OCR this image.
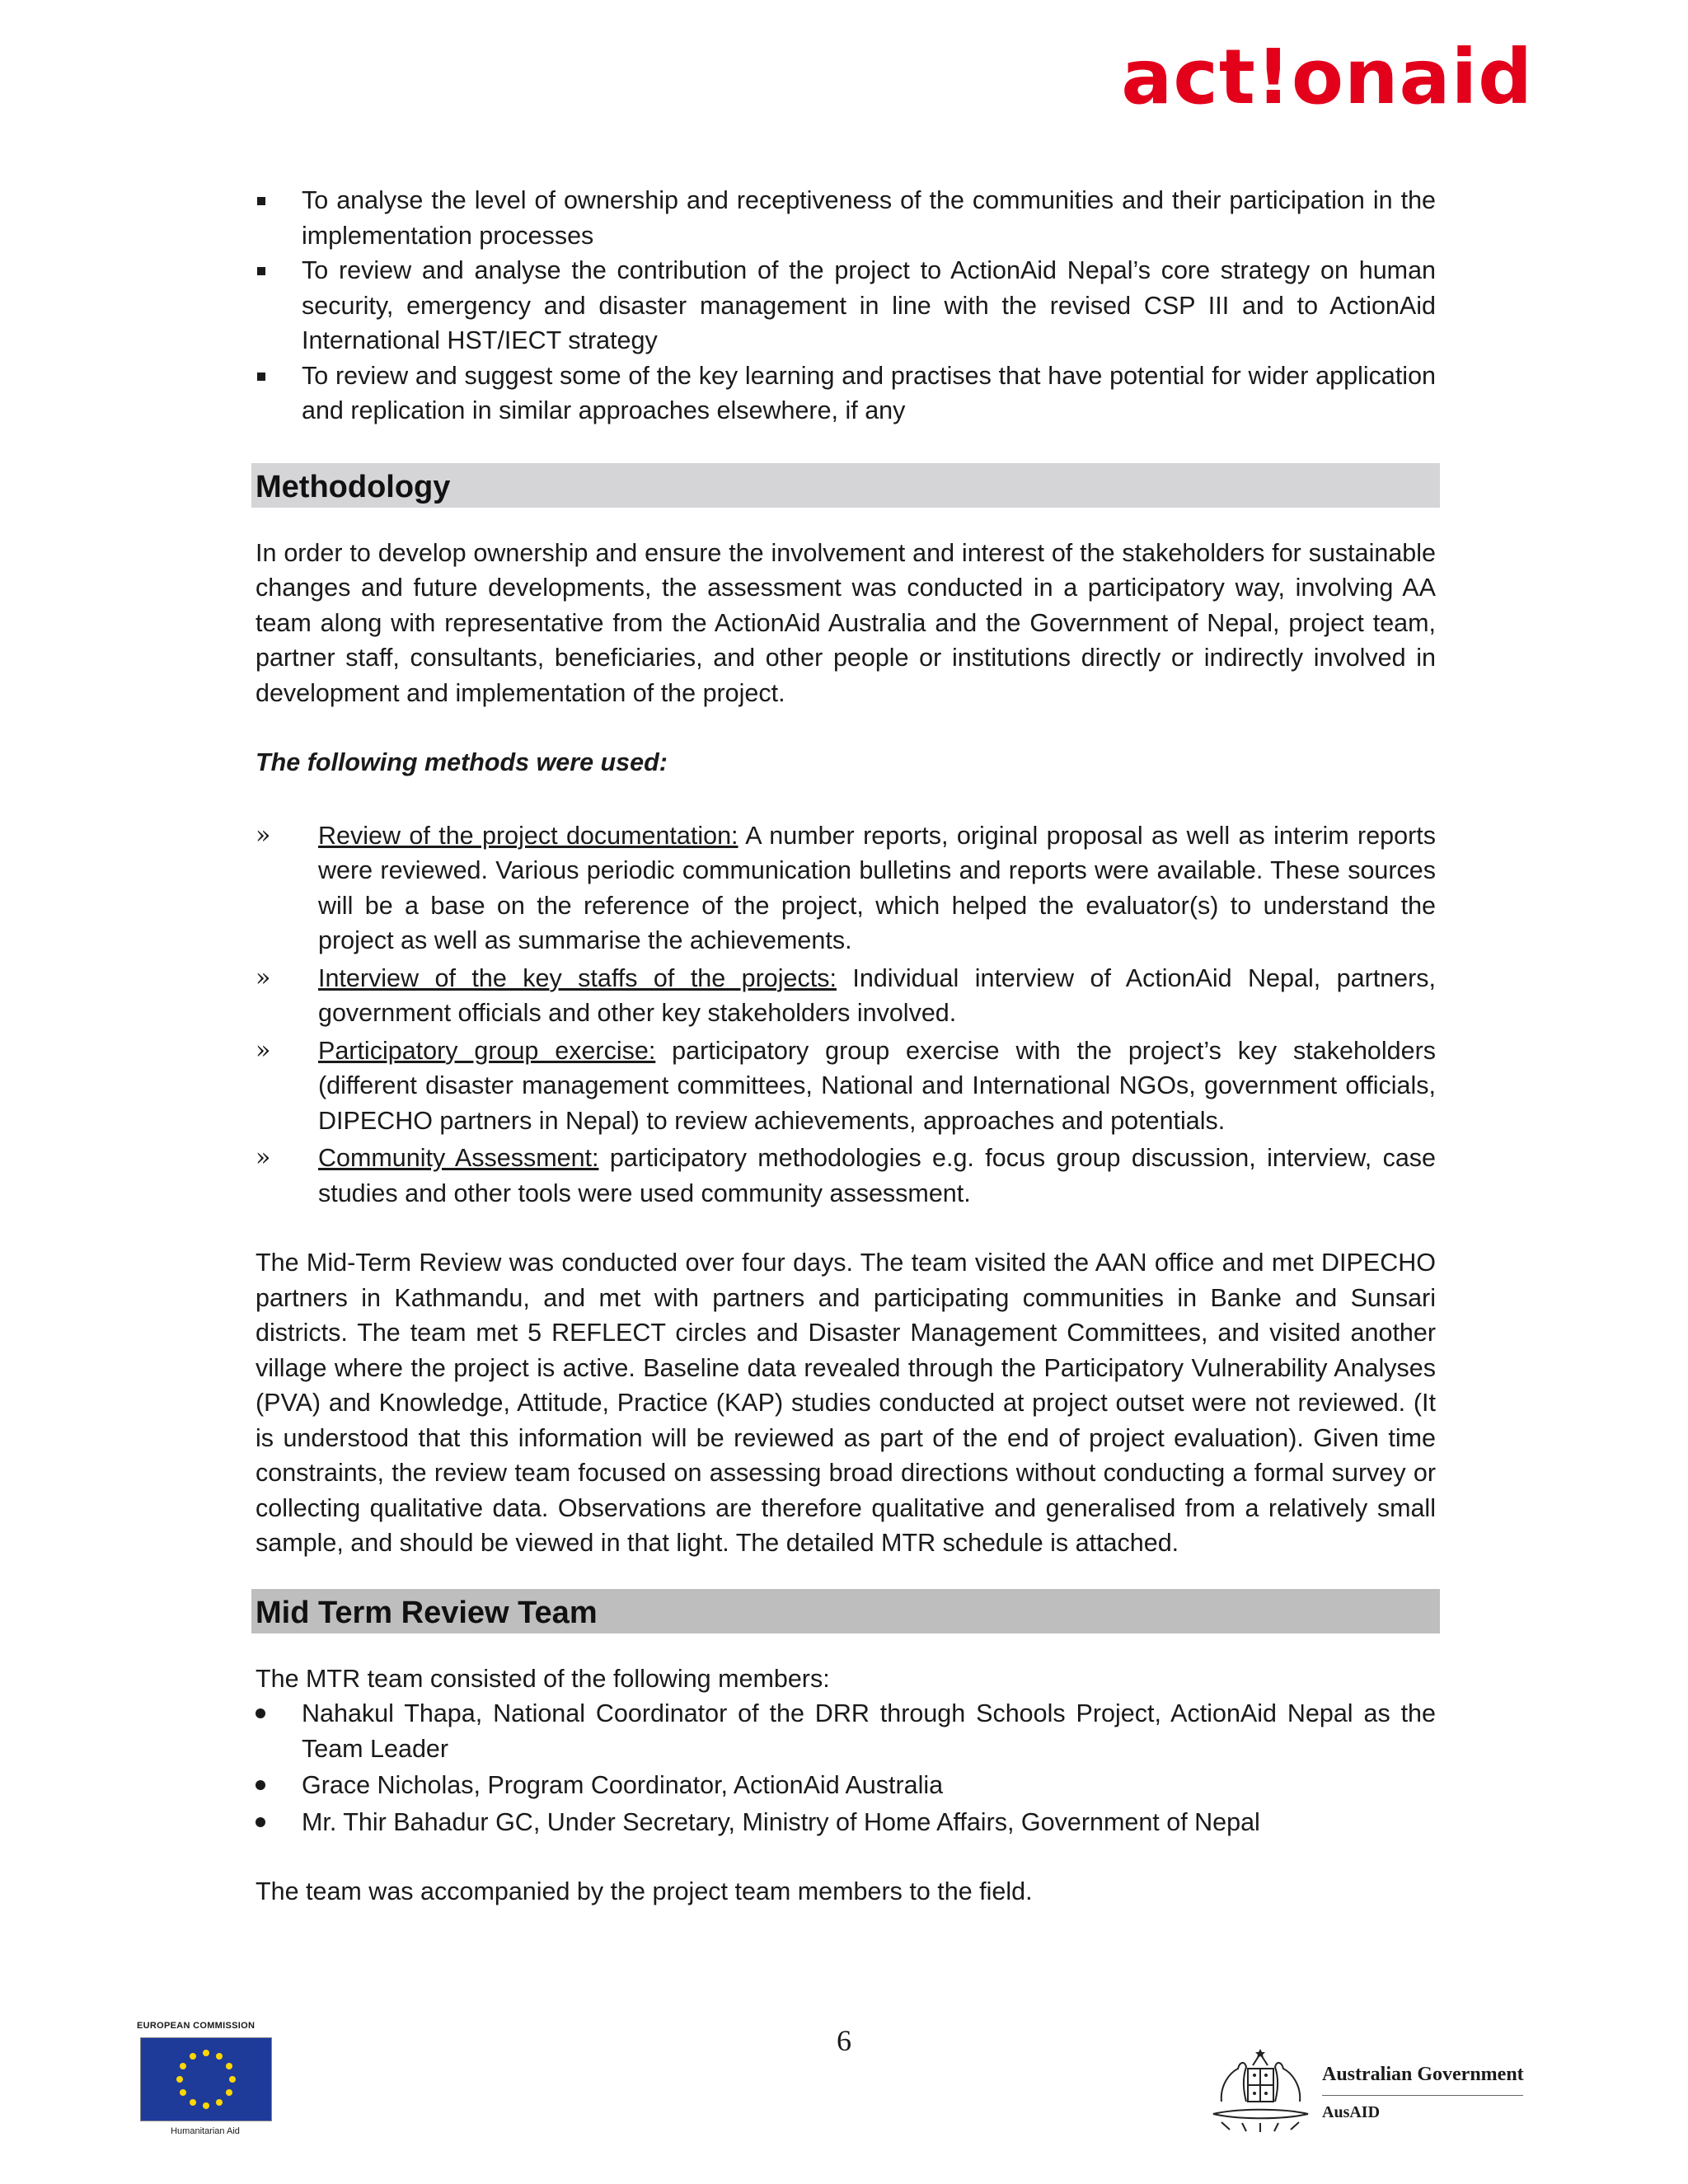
act!onaid
To analyse the level of ownership and receptiveness of the communities and their participation in the implementation processes
To review and analyse the contribution of the project to ActionAid Nepal’s core strategy on human security, emergency and disaster management in line with the revised CSP III and to ActionAid International HST/IECT strategy
To review and suggest some of the key learning and practises that have potential for wider application and replication in similar approaches elsewhere, if any
Methodology

In order to develop ownership and ensure the involvement and interest of the stakeholders for sustainable changes and future developments, the assessment was conducted in a participatory way, involving AA team along with representative from the ActionAid Australia and the Government of Nepal, project team, partner staff, consultants, beneficiaries, and other people or institutions directly or indirectly involved in development and implementation of the project.

The following methods were used:

» Review of the project documentation: A number reports, original proposal as well as interim reports were reviewed. Various periodic communication bulletins and reports were available. These sources will be a base on the reference of the project, which helped the evaluator(s) to understand the project as well as summarise the achievements.
» Interview of the key staffs of the projects: Individual interview of ActionAid Nepal, partners, government officials and other key stakeholders involved.
» Participatory group exercise: participatory group exercise with the project’s key stakeholders (different disaster management committees, National and International NGOs, government officials, DIPECHO partners in Nepal) to review achievements, approaches and potentials.
» Community Assessment: participatory methodologies e.g. focus group discussion, interview, case studies and other tools were used community assessment.

The Mid-Term Review was conducted over four days. The team visited the AAN office and met DIPECHO partners in Kathmandu, and met with partners and participating communities in Banke and Sunsari districts. The team met 5 REFLECT circles and Disaster Management Committees, and visited another village where the project is active. Baseline data revealed through the Participatory Vulnerability Analyses (PVA) and Knowledge, Attitude, Practice (KAP) studies conducted at project outset were not reviewed. (It is understood that this information will be reviewed as part of the end of project evaluation). Given time constraints, the review team focused on assessing broad directions without conducting a formal survey or collecting qualitative data. Observations are therefore qualitative and generalised from a relatively small sample, and should be viewed in that light. The detailed MTR schedule is attached.

Mid Term Review Team

The MTR team consisted of the following members:

Nahakul Thapa, National Coordinator of the DRR through Schools Project, ActionAid Nepal as the Team Leader
Grace Nicholas, Program Coordinator, ActionAid Australia
Mr. Thir Bahadur GC, Under Secretary, Ministry of Home Affairs, Government of Nepal

The team was accompanied by the project team members to the field.

6
EUROPEAN COMMISSION
Humanitarian Aid
Australian Government
AusAID
